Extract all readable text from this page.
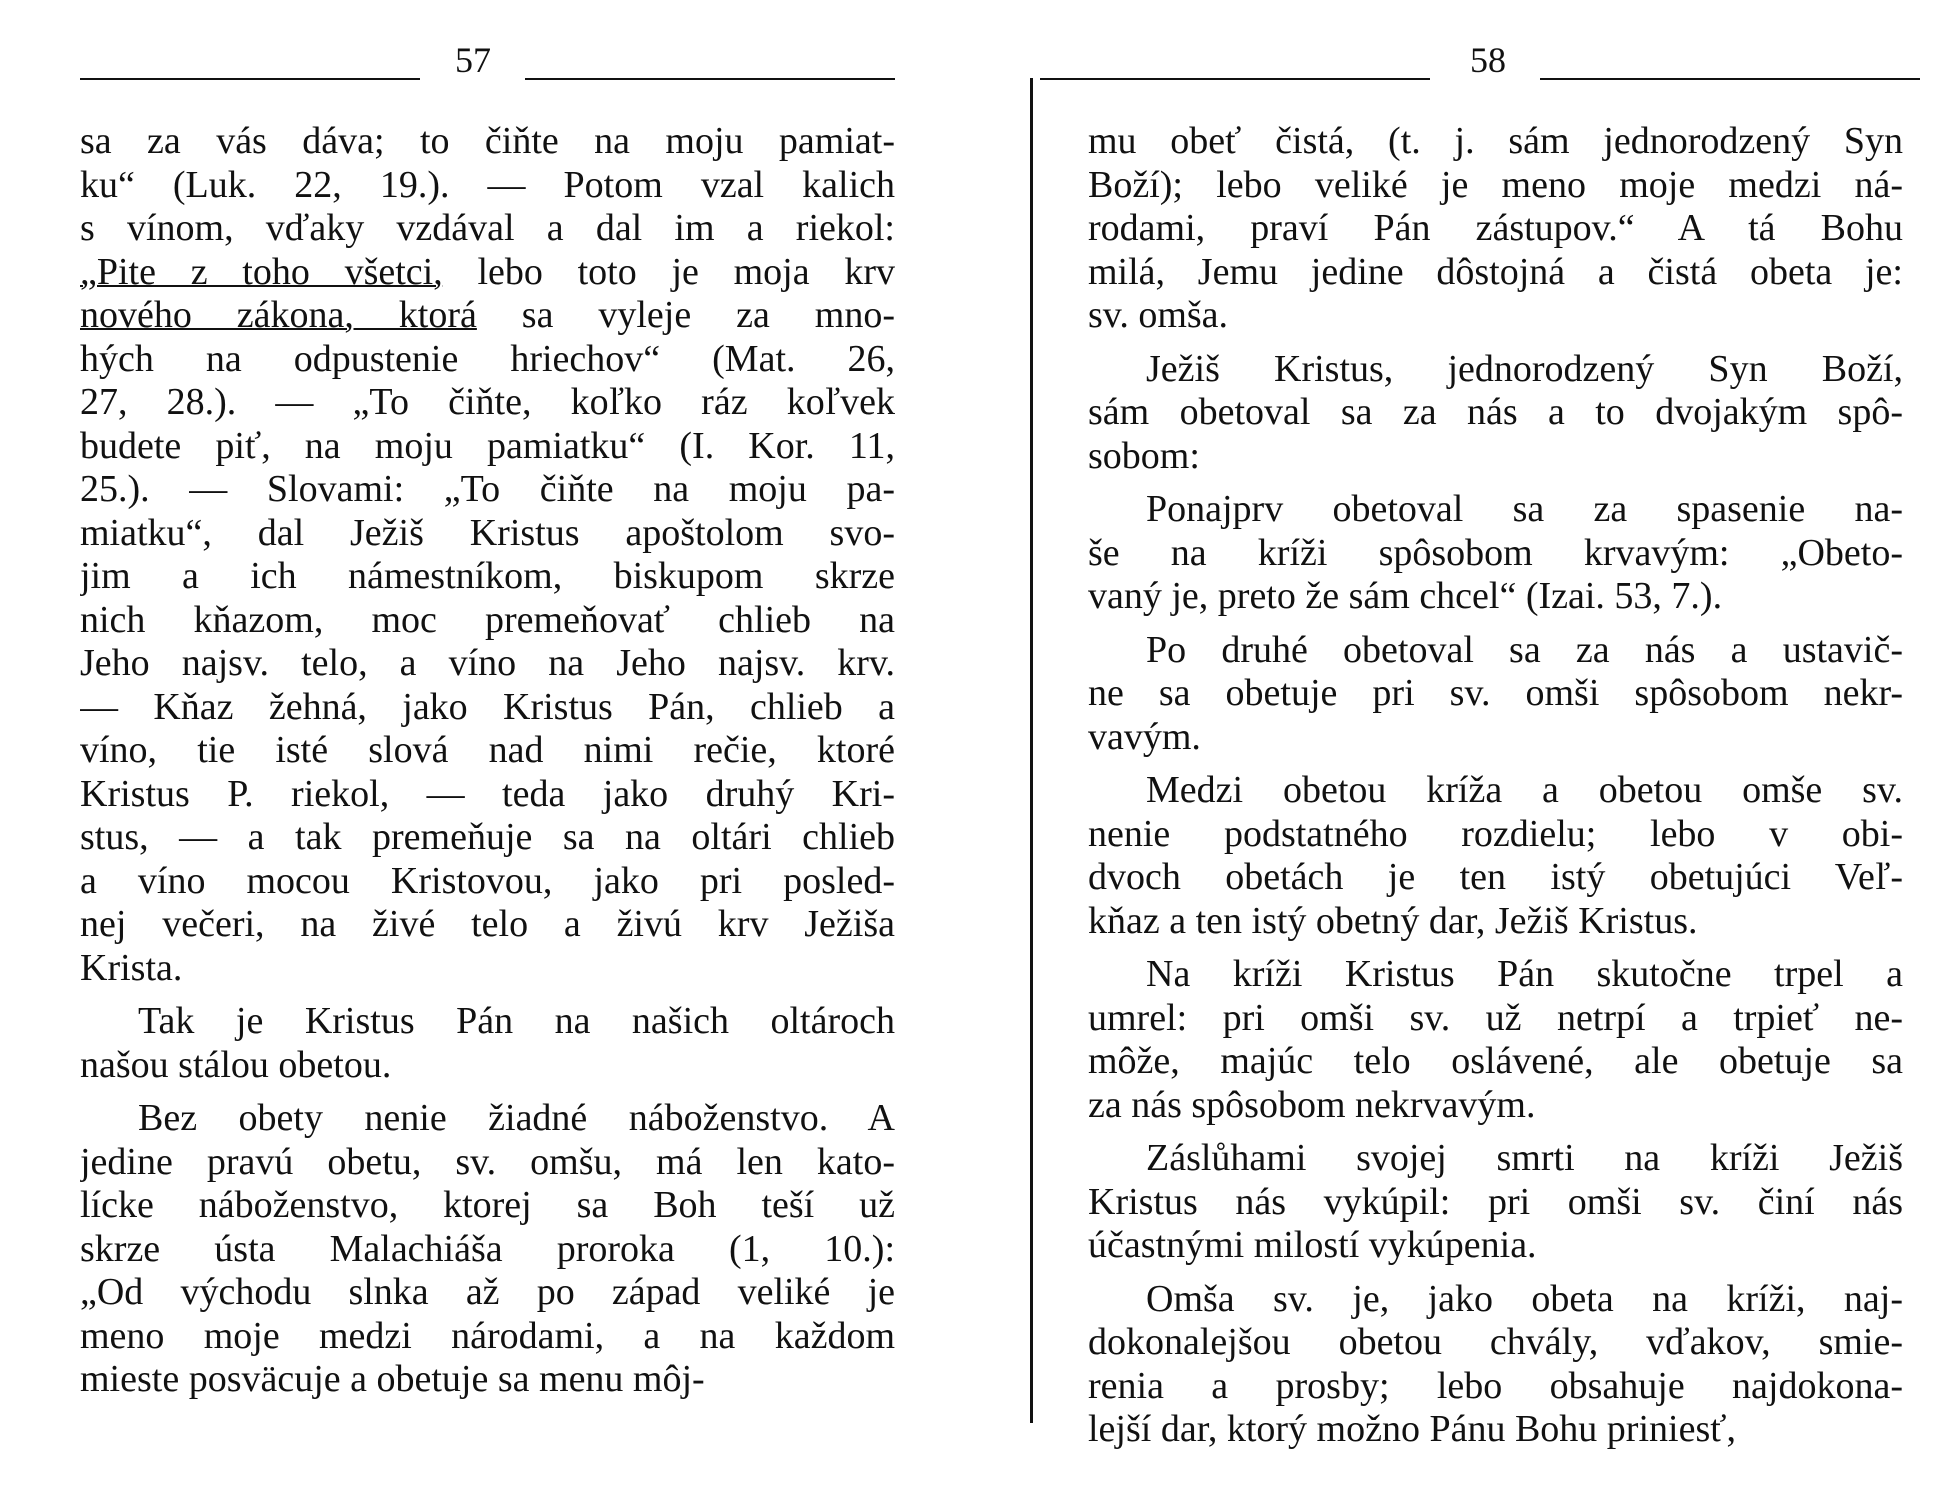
57
sa za vás dáva; to čiňte na moju pamiat-
ku“ (Luk. 22, 19.). — Potom vzal kalich
s vínom, vďaky vzdával a dal im a riekol:
„Pite z toho všetci, lebo toto je moja krv
nového zákona, ktorá sa vyleje za mno-
hých na odpustenie hriechov“ (Mat. 26,
27, 28.). — „To čiňte, koľko ráz koľvek
budete piť, na moju pamiatku“ (I. Kor. 11,
25.). — Slovami: „To čiňte na moju pa-
miatku“, dal Ježiš Kristus apoštolom svo-
jim a ich námestníkom, biskupom skrze
nich kňazom, moc premeňovať chlieb na
Jeho najsv. telo, a víno na Jeho najsv. krv.
— Kňaz žehná, jako Kristus Pán, chlieb a
víno, tie isté slová nad nimi rečie, ktoré
Kristus P. riekol, — teda jako druhý Kri-
stus, — a tak premeňuje sa na oltári chlieb
a víno mocou Kristovou, jako pri posled-
nej večeri, na živé telo a živú krv Ježiša
Krista.
Tak je Kristus Pán na našich oltároch
našou stálou obetou.
Bez obety nenie žiadné náboženstvo. A
jedine pravú obetu, sv. omšu, má len kato-
lícke náboženstvo, ktorej sa Boh teší už
skrze ústa Malachiáša proroka (1, 10.):
„Od východu slnka až po západ veliké je
meno moje medzi národami, a na každom
mieste posväcuje a obetuje sa menu môj-
58
mu obeť čistá, (t. j. sám jednorodzený Syn
Boží); lebo veliké je meno moje medzi ná-
rodami, praví Pán zástupov.“ A tá Bohu
milá, Jemu jedine dôstojná a čistá obeta je:
sv. omša.
Ježiš Kristus, jednorodzený Syn Boží,
sám obetoval sa za nás a to dvojakým spô-
sobom:
Ponajprv obetoval sa za spasenie na-
še na kríži spôsobom krvavým: „Obeto-
vaný je, preto že sám chcel“ (Izai. 53, 7.).
Po druhé obetoval sa za nás a ustavič-
ne sa obetuje pri sv. omši spôsobom nekr-
vavým.
Medzi obetou kríža a obetou omše sv.
nenie podstatného rozdielu; lebo v obi-
dvoch obetách je ten istý obetujúci Veľ-
kňaz a ten istý obetný dar, Ježiš Kristus.
Na kríži Kristus Pán skutočne trpel a
umrel: pri omši sv. už netrpí a trpieť ne-
môže, majúc telo oslávené, ale obetuje sa
za nás spôsobom nekrvavým.
Záslůhami svojej smrti na kríži Ježiš
Kristus nás vykúpil: pri omši sv. činí nás
účastnými milostí vykúpenia.
Omša sv. je, jako obeta na kríži, naj-
dokonalejšou obetou chvály, vďakov, smie-
renia a prosby; lebo obsahuje najdokona-
lejší dar, ktorý možno Pánu Bohu priniesť,
